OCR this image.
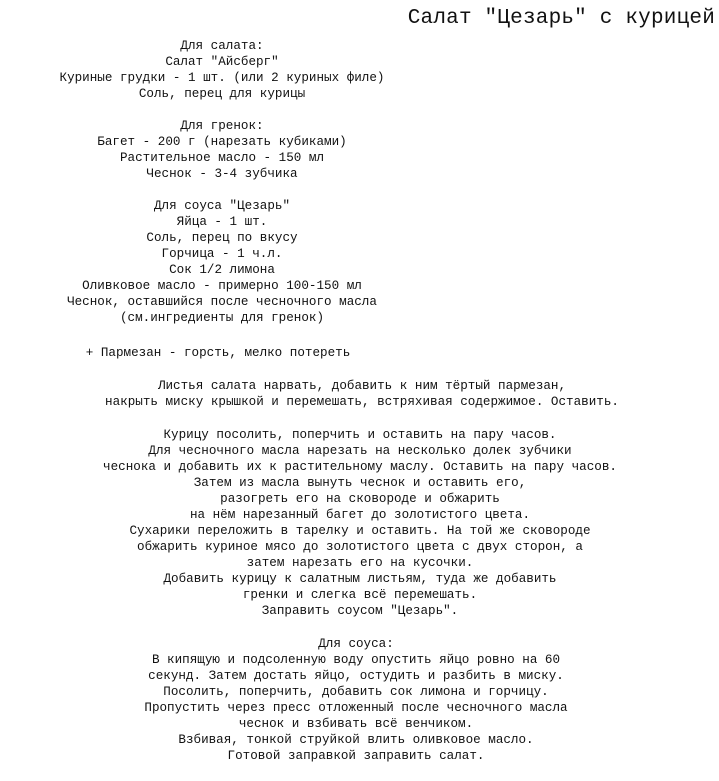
Салат "Цезарь" с курицей
Для салата:
Салат "Айсберг"
Куриные грудки - 1 шт. (или 2 куриных филе)
Соль, перец для курицы
Для гренок:
Багет - 200 г (нарезать кубиками)
Растительное масло - 150 мл
Чеснок - 3-4 зубчика
Для соуса "Цезарь"
Яйца - 1 шт.
Соль, перец по вкусу
Горчица - 1 ч.л.
Сок 1/2 лимона
Оливковое масло - примерно 100-150 мл
Чеснок, оставшийся после чесночного масла
(см.ингредиенты для гренок)
+ Пармезан - горсть, мелко потереть
Листья салата нарвать, добавить к ним тёртый пармезан,
накрыть миску крышкой и перемешать, встряхивая содержимое. Оставить.
Курицу посолить, поперчить и оставить на пару часов.
Для чесночного масла нарезать на несколько долек зубчики
чеснока и добавить их к растительному маслу. Оставить на пару часов.
Затем из масла вынуть чеснок и оставить его,
разогреть его на сковороде и обжарить
на нём нарезанный багет до золотистого цвета.
Сухарики переложить в тарелку и оставить. На той же сковороде
обжарить куриное мясо до золотистого цвета с двух сторон, а
затем нарезать его на кусочки.
Добавить курицу к салатным листьям, туда же добавить
гренки и слегка всё перемешать.
Заправить соусом "Цезарь".
Для соуса:
В кипящую и подсоленную воду опустить яйцо ровно на 60
секунд. Затем достать яйцо, остудить и разбить в миску.
Посолить, поперчить, добавить сок лимона и горчицу.
Пропустить через пресс отложенный после чесночного масла
чеснок и взбивать всё венчиком.
Взбивая, тонкой струйкой влить оливковое масло.
Готовой заправкой заправить салат.
